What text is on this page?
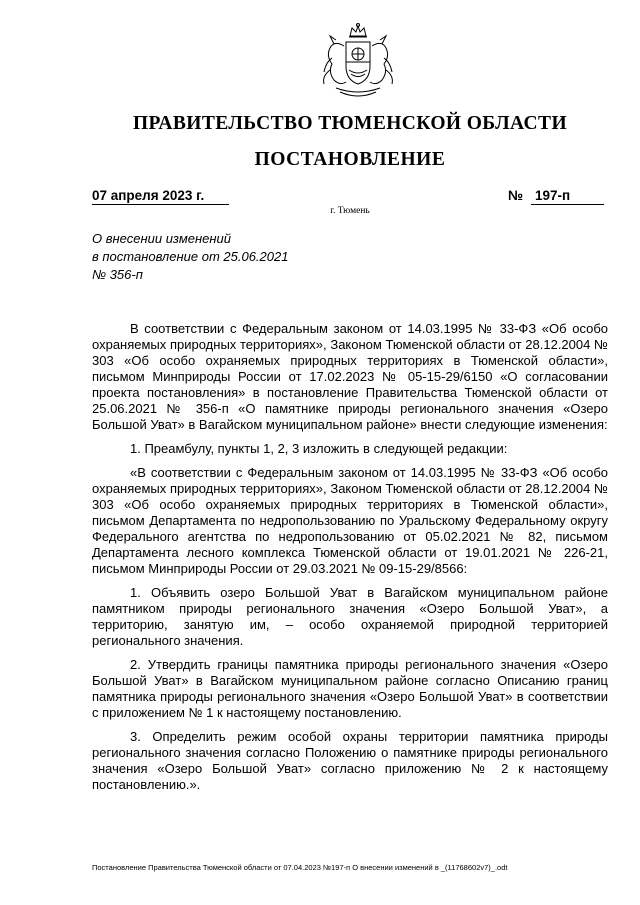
ПРАВИТЕЛЬСТВО ТЮМЕНСКОЙ ОБЛАСТИ
ПОСТАНОВЛЕНИЕ
07 апреля 2023 г.	№ 197-п
г. Тюмень
О внесении изменений
в постановление от 25.06.2021
№ 356-п

В соответствии с Федеральным законом от 14.03.1995 № 33-ФЗ «Об особо охраняемых природных территориях», Законом Тюменской области от 28.12.2004 № 303 «Об особо охраняемых природных территориях в Тюменской области», письмом Минприроды России от 17.02.2023 № 05-15-29/6150 «О согласовании проекта постановления» в постановление Правительства Тюменской области от 25.06.2021 № 356-п «О памятнике природы регионального значения «Озеро Большой Уват» в Вагайском муниципальном районе» внести следующие изменения:

1. Преамбулу, пункты 1, 2, 3 изложить в следующей редакции:

«В соответствии с Федеральным законом от 14.03.1995 № 33-ФЗ «Об особо охраняемых природных территориях», Законом Тюменской области от 28.12.2004 № 303 «Об особо охраняемых природных территориях в Тюменской области», письмом Департамента по недропользованию по Уральскому Федеральному округу Федерального агентства по недропользованию от 05.02.2021 № 82, письмом Департамента лесного комплекса Тюменской области от 19.01.2021 № 226-21, письмом Минприроды России от 29.03.2021 № 09-15-29/8566:

1. Объявить озеро Большой Уват в Вагайском муниципальном районе памятником природы регионального значения «Озеро Большой Уват», а территорию, занятую им, – особо охраняемой природной территорией регионального значения.

2. Утвердить границы памятника природы регионального значения «Озеро Большой Уват» в Вагайском муниципальном районе согласно Описанию границ памятника природы регионального значения «Озеро Большой Уват» в соответствии с приложением № 1 к настоящему постановлению.

3. Определить режим особой охраны территории памятника природы регионального значения согласно Положению о памятнике природы регионального значения «Озеро Большой Уват» согласно приложению № 2 к настоящему постановлению.».

Постановление Правительства Тюменской области от 07.04.2023 №197-п О внесении изменений в _(11768602v7)_.odt
